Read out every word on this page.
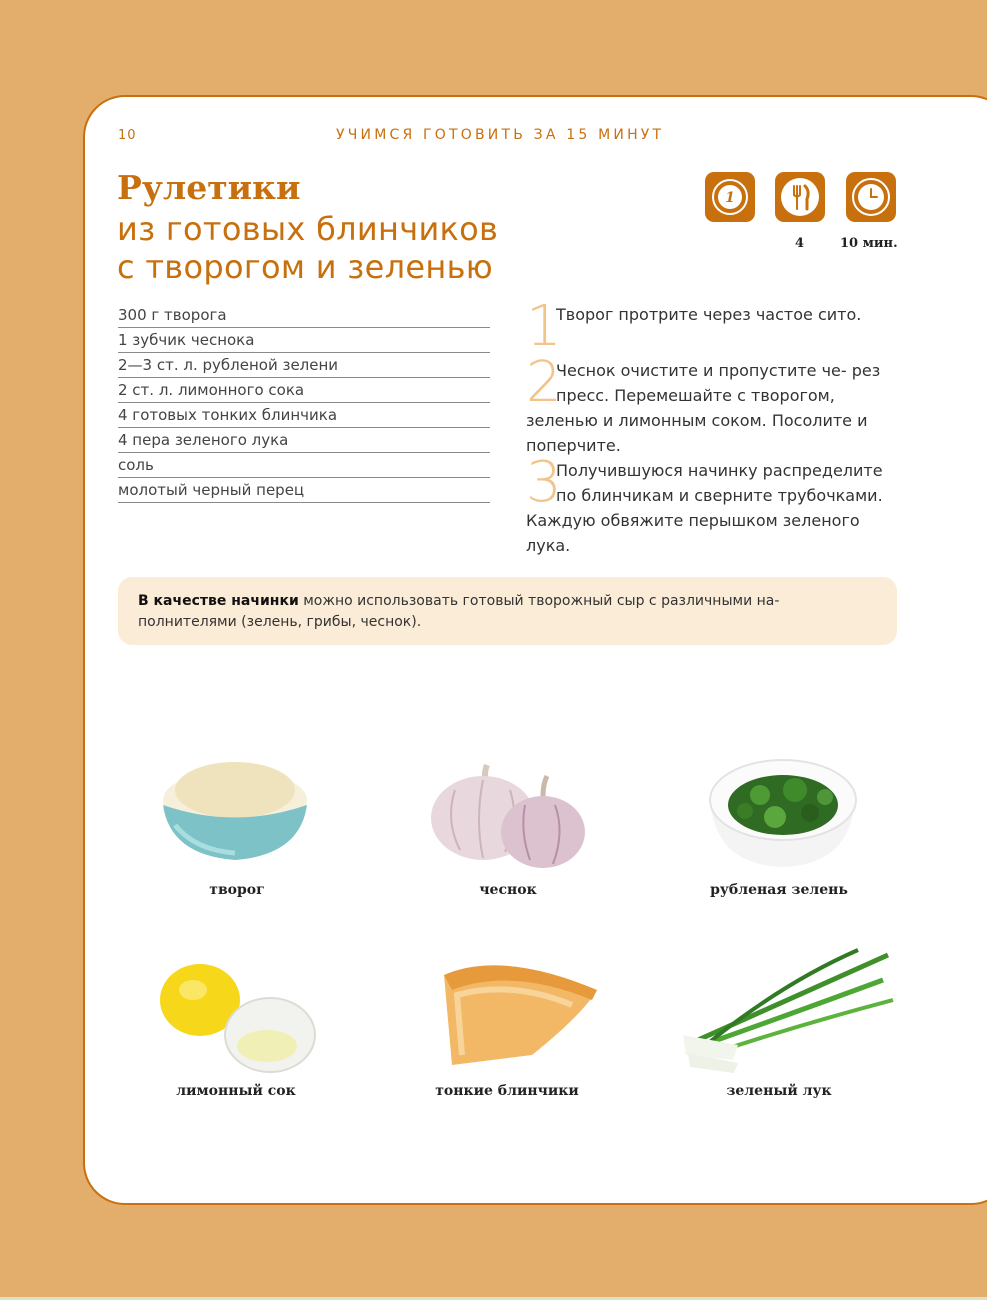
10	УЧИМСЯ ГОТОВИТЬ ЗА 15 МИНУТ
Рулетики
из готовых блинчиков
с творогом и зеленью
1
4	10 мин.
300 г творога
1 зубчик чеснока
2—3 ст. л. рубленой зелени
2 ст. л. лимонного сока
4 готовых тонких блинчика
4 пера зеленого лука
соль
молотый черный перец
1

Творог протрите через частое сито.

2

Чеснок очистите и пропустите че- рез пресс. Перемешайте с творогом, зеленью и лимонным соком. Посолите и поперчите.

3

Получившуюся начинку распределите по блинчикам и сверните трубочками. Каждую обвяжите перышком зеленого лука.

В качестве начинки можно использовать готовый творожный сыр с различными на- полнителями (зелень, грибы, чеснок).
творог	чеснок	рубленая зелень
лимонный сок	тонкие блинчики	зеленый лук
